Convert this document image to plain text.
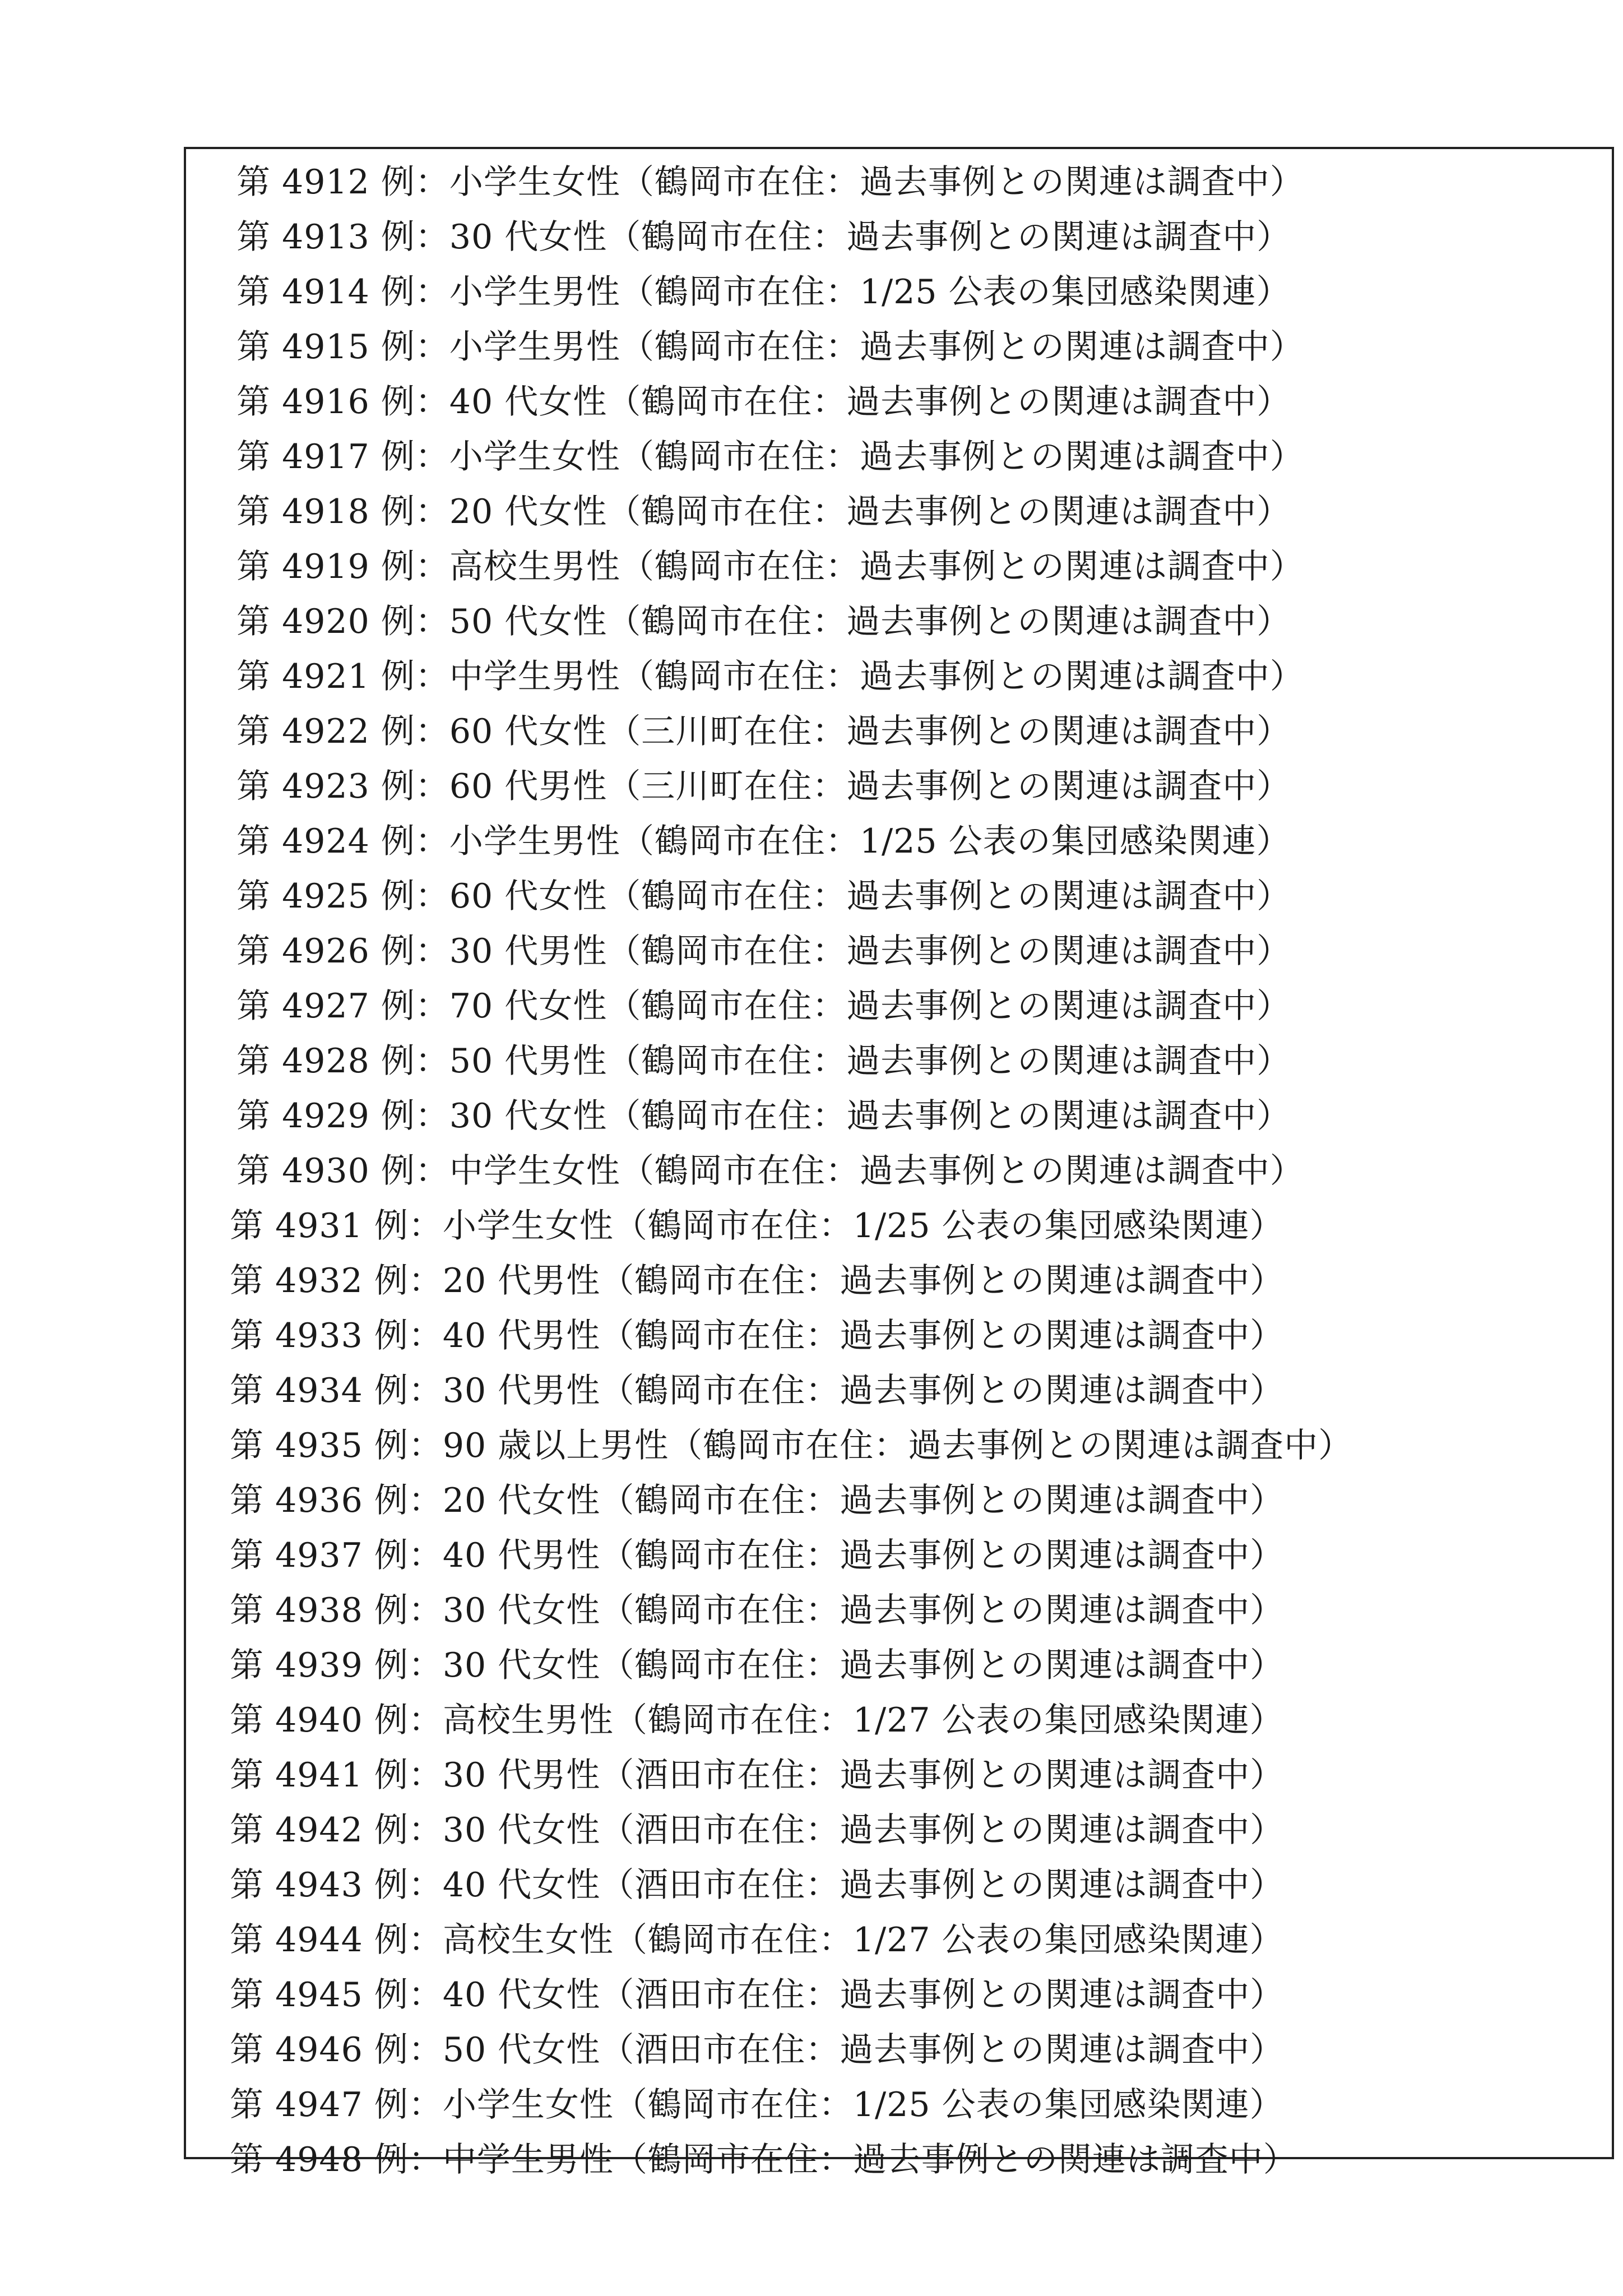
第 4912 例：小学生女性（鶴岡市在住：過去事例との関連は調査中）
第 4913 例：30 代女性（鶴岡市在住：過去事例との関連は調査中）
第 4914 例：小学生男性（鶴岡市在住：1/25 公表の集団感染関連）
第 4915 例：小学生男性（鶴岡市在住：過去事例との関連は調査中）
第 4916 例：40 代女性（鶴岡市在住：過去事例との関連は調査中）
第 4917 例：小学生女性（鶴岡市在住：過去事例との関連は調査中）
第 4918 例：20 代女性（鶴岡市在住：過去事例との関連は調査中）
第 4919 例：高校生男性（鶴岡市在住：過去事例との関連は調査中）
第 4920 例：50 代女性（鶴岡市在住：過去事例との関連は調査中）
第 4921 例：中学生男性（鶴岡市在住：過去事例との関連は調査中）
第 4922 例：60 代女性（三川町在住：過去事例との関連は調査中）
第 4923 例：60 代男性（三川町在住：過去事例との関連は調査中）
第 4924 例：小学生男性（鶴岡市在住：1/25 公表の集団感染関連）
第 4925 例：60 代女性（鶴岡市在住：過去事例との関連は調査中）
第 4926 例：30 代男性（鶴岡市在住：過去事例との関連は調査中）
第 4927 例：70 代女性（鶴岡市在住：過去事例との関連は調査中）
第 4928 例：50 代男性（鶴岡市在住：過去事例との関連は調査中）
第 4929 例：30 代女性（鶴岡市在住：過去事例との関連は調査中）
第 4930 例：中学生女性（鶴岡市在住：過去事例との関連は調査中）
第 4931 例：小学生女性（鶴岡市在住：1/25 公表の集団感染関連）
第 4932 例：20 代男性（鶴岡市在住：過去事例との関連は調査中）
第 4933 例：40 代男性（鶴岡市在住：過去事例との関連は調査中）
第 4934 例：30 代男性（鶴岡市在住：過去事例との関連は調査中）
第 4935 例：90 歳以上男性（鶴岡市在住：過去事例との関連は調査中）
第 4936 例：20 代女性（鶴岡市在住：過去事例との関連は調査中）
第 4937 例：40 代男性（鶴岡市在住：過去事例との関連は調査中）
第 4938 例：30 代女性（鶴岡市在住：過去事例との関連は調査中）
第 4939 例：30 代女性（鶴岡市在住：過去事例との関連は調査中）
第 4940 例：高校生男性（鶴岡市在住：1/27 公表の集団感染関連）
第 4941 例：30 代男性（酒田市在住：過去事例との関連は調査中）
第 4942 例：30 代女性（酒田市在住：過去事例との関連は調査中）
第 4943 例：40 代女性（酒田市在住：過去事例との関連は調査中）
第 4944 例：高校生女性（鶴岡市在住：1/27 公表の集団感染関連）
第 4945 例：40 代女性（酒田市在住：過去事例との関連は調査中）
第 4946 例：50 代女性（酒田市在住：過去事例との関連は調査中）
第 4947 例：小学生女性（鶴岡市在住：1/25 公表の集団感染関連）
第 4948 例：中学生男性（鶴岡市在住：過去事例との関連は調査中）
